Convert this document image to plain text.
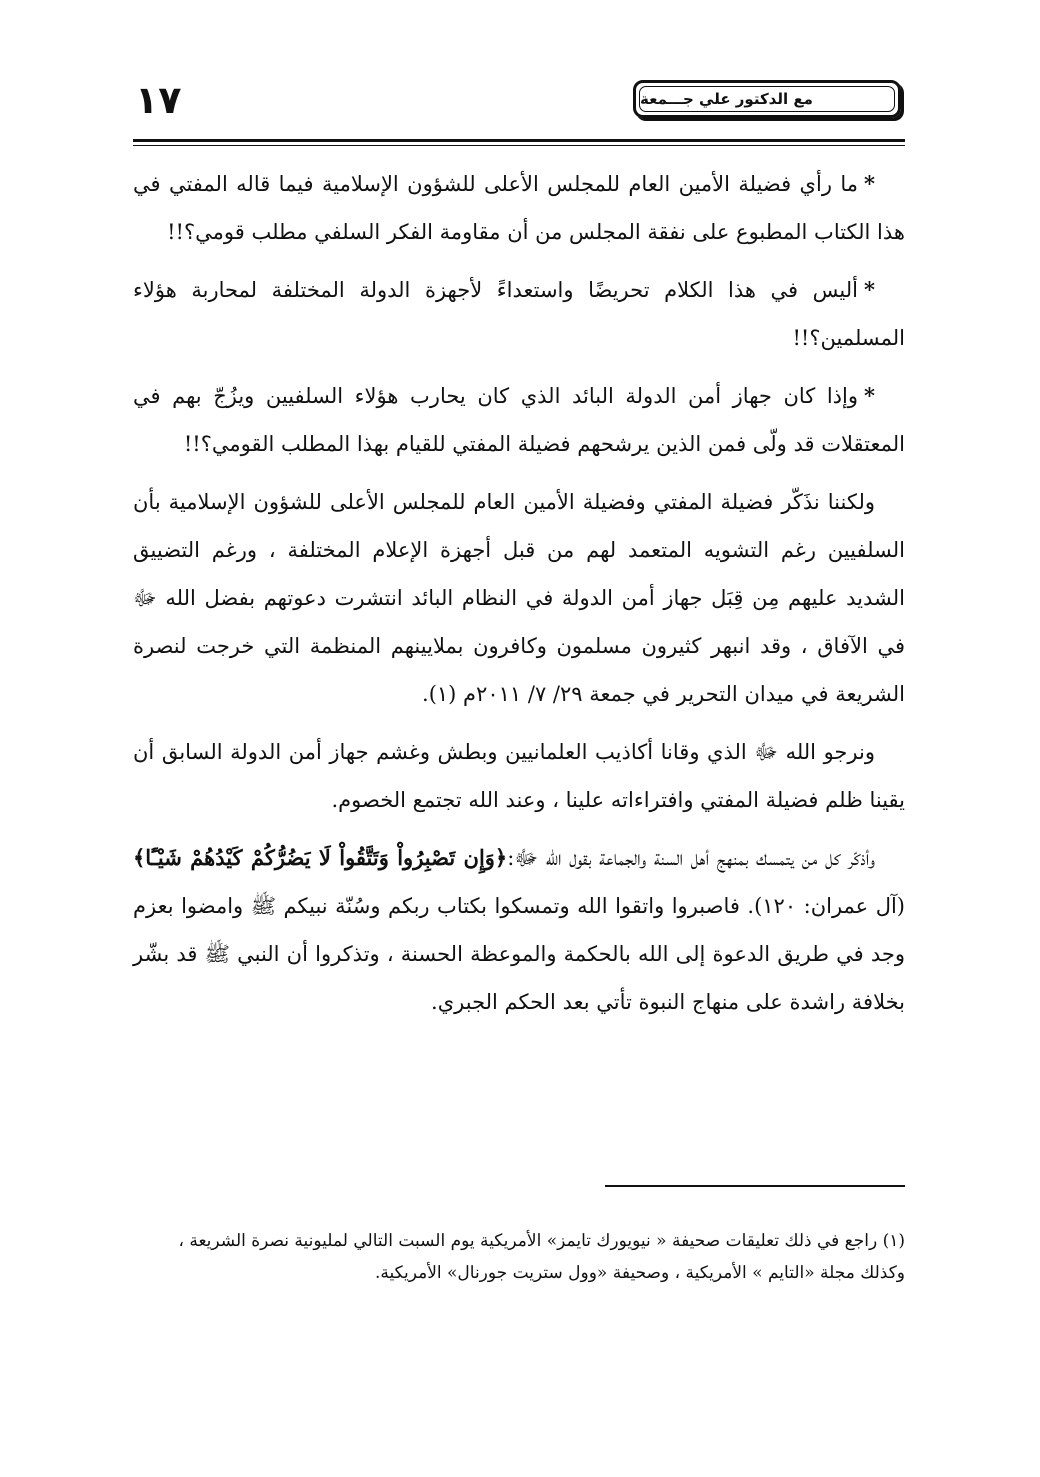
١٧	مع الدكتور علي جـــمعة

*ما رأي فضيلة الأمين العام للمجلس الأعلى للشؤون الإسلامية فيما قاله المفتي في هذا الكتاب المطبوع على نفقة المجلس من أن مقاومة الفكر السلفي مطلب قومي؟!!

*أليس في هذا الكلام تحريضًا واستعداءً لأجهزة الدولة المختلفة لمحاربة هؤلاء المسلمين؟!!

*وإذا كان جهاز أمن الدولة البائد الذي كان يحارب هؤلاء السلفيين ويزُجّ بهم في المعتقلات قد ولّى فمن الذين يرشحهم فضيلة المفتي للقيام بهذا المطلب القومي؟!!

ولكننا نذَكّر فضيلة المفتي وفضيلة الأمين العام للمجلس الأعلى للشؤون الإسلامية بأن السلفيين رغم التشويه المتعمد لهم من قبل أجهزة الإعلام المختلفة ، ورغم التضييق الشديد عليهم مِن قِبَل جهاز أمن الدولة في النظام البائد انتشرت دعوتهم بفضل الله ﷻ في الآفاق ، وقد انبهر كثيرون مسلمون وكافرون بملايينهم المنظمة التي خرجت لنصرة الشريعة في ميدان التحرير في جمعة ٢٩/ ٧/ ٢٠١١م (١).

ونرجو الله ﷻ الذي وقانا أكاذيب العلمانيين وبطش وغشم جهاز أمن الدولة السابق أن يقينا ظلم فضيلة المفتي وافتراءاته علينا ، وعند الله تجتمع الخصوم.

وأذكّر كل من يتمسك بمنهج أهل السنة والجماعة بقول الله ﷻ:﴿وَإِن تَصْبِرُواْ وَتَتَّقُواْ لَا يَضُرُّكُمْ كَيْدُهُمْ شَيْـًٔا﴾ (آل عمران: ١٢٠). فاصبروا واتقوا الله وتمسكوا بكتاب ربكم وسُنّة نبيكم ﷺ وامضوا بعزم وجد في طريق الدعوة إلى الله بالحكمة والموعظة الحسنة ، وتذكروا أن النبي ﷺ قد بشّر بخلافة راشدة على منهاج النبوة تأتي بعد الحكم الجبري.

(١) راجع في ذلك تعليقات صحيفة « نيويورك تايمز» الأمريكية يوم السبت التالي لمليونية نصرة الشريعة ، وكذلك مجلة «التايم » الأمريكية ، وصحيفة «وول ستريت جورنال» الأمريكية.
